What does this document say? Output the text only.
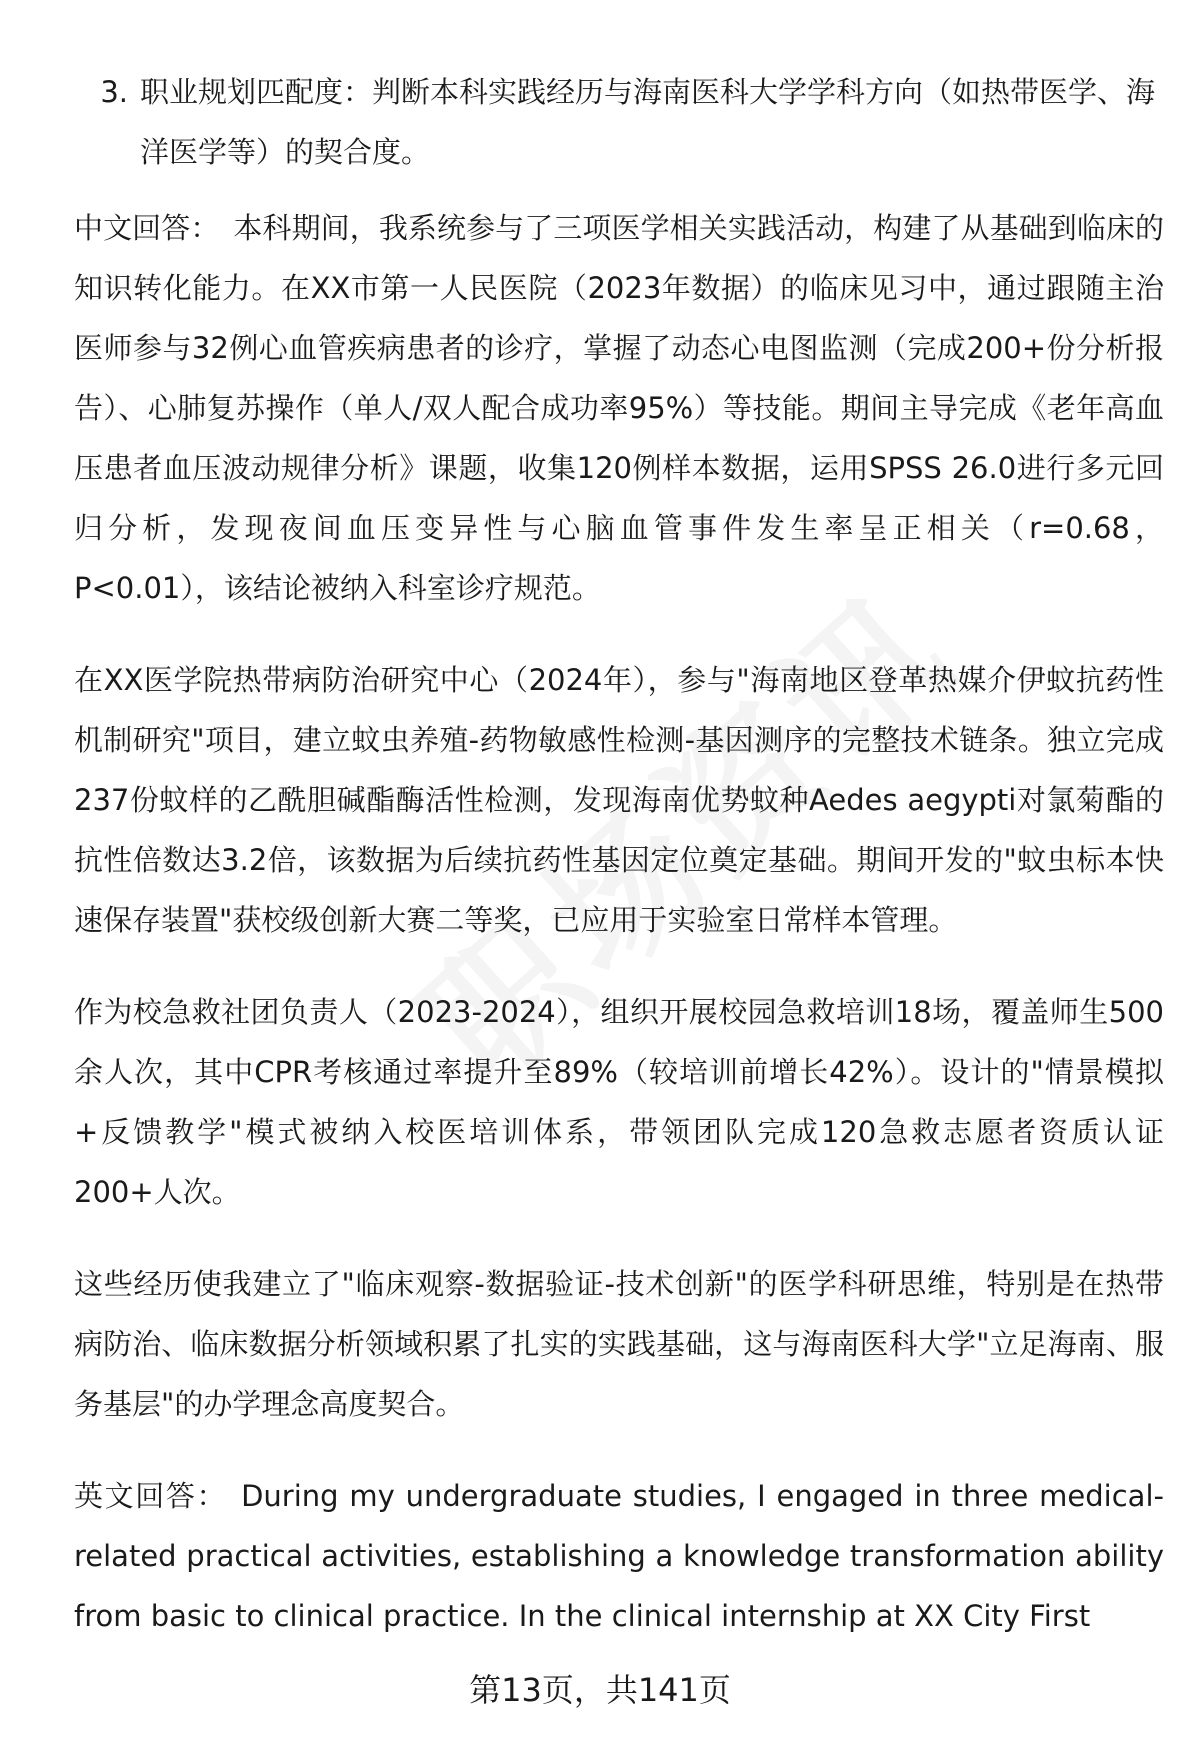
3. 职业规划匹配度：判断本科实践经历与海南医科大学学科方向（如热带医学、海洋医学等）的契合度。

中文回答： 本科期间，我系统参与了三项医学相关实践活动，构建了从基础到临床的知识转化能力。在XX市第一人民医院（2023年数据）的临床见习中，通过跟随主治医师参与32例心血管疾病患者的诊疗，掌握了动态心电图监测（完成200+份分析报告）、心肺复苏操作（单人/双人配合成功率95%）等技能。期间主导完成《老年高血压患者血压波动规律分析》课题，收集120例样本数据，运用SPSS 26.0进行多元回归分析，发现夜间血压变异性与心脑血管事件发生率呈正相关（r=0.68，P<0.01），该结论被纳入科室诊疗规范。

在XX医学院热带病防治研究中心（2024年），参与"海南地区登革热媒介伊蚊抗药性机制研究"项目，建立蚊虫养殖-药物敏感性检测-基因测序的完整技术链条。独立完成237份蚊样的乙酰胆碱酯酶活性检测，发现海南优势蚊种Aedes aegypti对氯菊酯的抗性倍数达3.2倍，该数据为后续抗药性基因定位奠定基础。期间开发的"蚊虫标本快速保存装置"获校级创新大赛二等奖，已应用于实验室日常样本管理。

作为校急救社团负责人（2023-2024），组织开展校园急救培训18场，覆盖师生500余人次，其中CPR考核通过率提升至89%（较培训前增长42%）。设计的"情景模拟+反馈教学"模式被纳入校医培训体系，带领团队完成120急救志愿者资质认证200+人次。

这些经历使我建立了"临床观察-数据验证-技术创新"的医学科研思维，特别是在热带病防治、临床数据分析领域积累了扎实的实践基础，这与海南医科大学"立足海南、服务基层"的办学理念高度契合。

英文回答： During my undergraduate studies, I engaged in three medical-related practical activities, establishing a knowledge transformation ability from basic to clinical practice. In the clinical internship at XX City First

第13页，共141页
